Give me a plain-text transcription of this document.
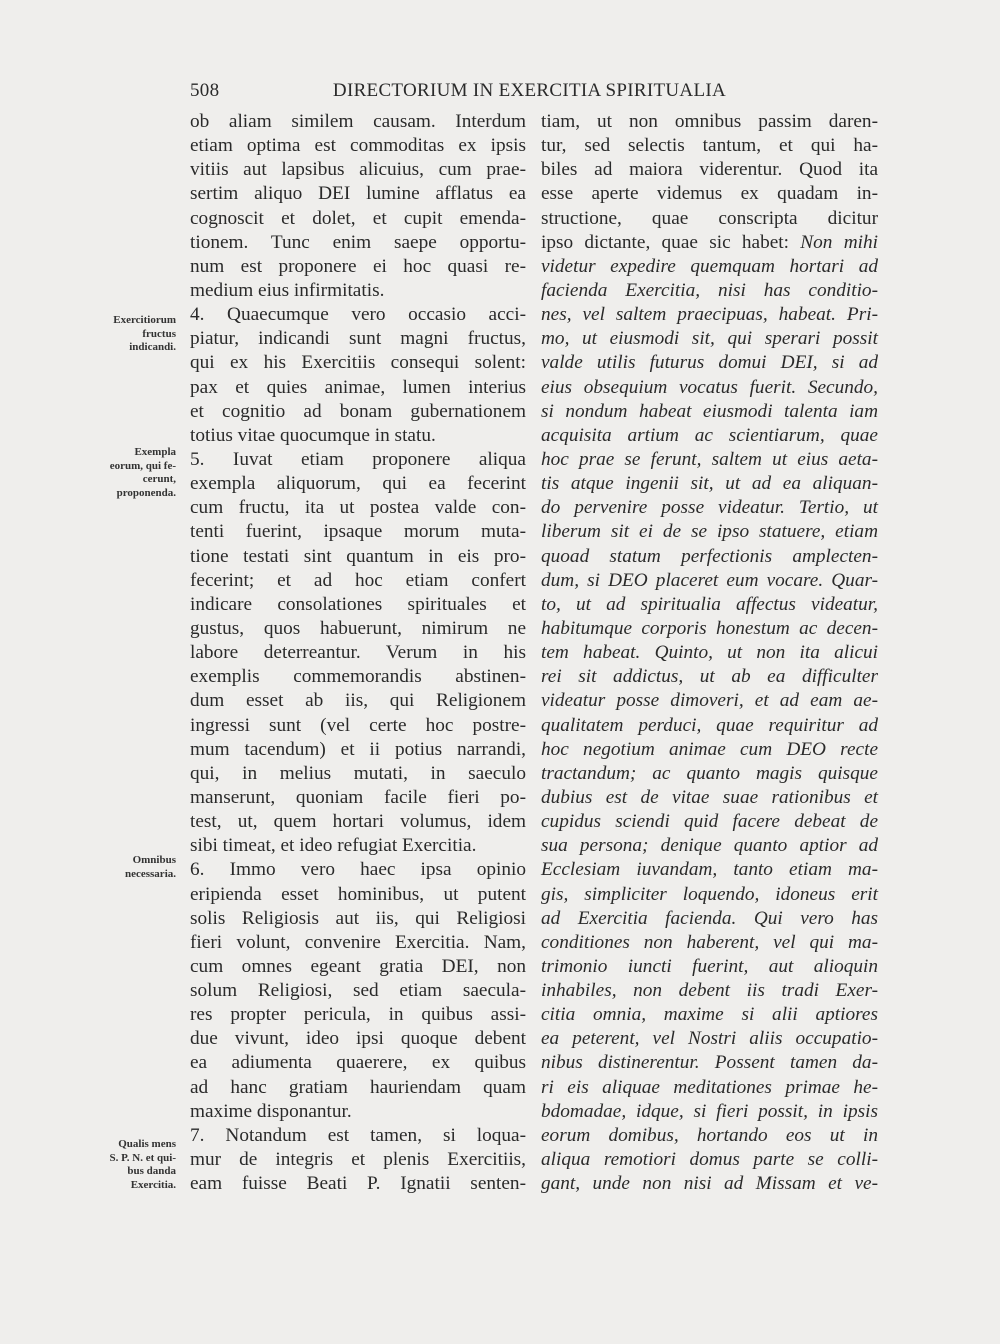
508	DIRECTORIUM IN EXERCITIA SPIRITUALIA
Exercitiorum
fructus
indicandi.
Exempla
eorum, qui fe-
cerunt,
proponenda.
Omnibus
necessaria.
Qualis mens
S. P. N. et qui-
bus danda
Exercitia.
ob aliam similem causam. Interdum
etiam optima est commoditas ex ipsis
vitiis aut lapsibus alicuius, cum prae-
sertim aliquo DEI lumine afflatus ea
cognoscit et dolet, et cupit emenda-
tionem. Tunc enim saepe opportu-
num est proponere ei hoc quasi re-
medium eius infirmitatis.
4. Quaecumque vero occasio acci-
piatur, indicandi sunt magni fructus,
qui ex his Exercitiis consequi solent:
pax et quies animae, lumen interius
et cognitio ad bonam gubernationem
totius vitae quocumque in statu.
5. Iuvat etiam proponere aliqua
exempla aliquorum, qui ea fecerint
cum fructu, ita ut postea valde con-
tenti fuerint, ipsaque morum muta-
tione testati sint quantum in eis pro-
fecerint; et ad hoc etiam confert
indicare consolationes spirituales et
gustus, quos habuerunt, nimirum ne
labore deterreantur. Verum in his
exemplis commemorandis abstinen-
dum esset ab iis, qui Religionem
ingressi sunt (vel certe hoc postre-
mum tacendum) et ii potius narrandi,
qui, in melius mutati, in saeculo
manserunt, quoniam facile fieri po-
test, ut, quem hortari volumus, idem
sibi timeat, et ideo refugiat Exercitia.
6. Immo vero haec ipsa opinio
eripienda esset hominibus, ut putent
solis Religiosis aut iis, qui Religiosi
fieri volunt, convenire Exercitia. Nam,
cum omnes egeant gratia DEI, non
solum Religiosi, sed etiam saecula-
res propter pericula, in quibus assi-
due vivunt, ideo ipsi quoque debent
ea adiumenta quaerere, ex quibus
ad hanc gratiam hauriendam quam
maxime disponantur.
7. Notandum est tamen, si loqua-
mur de integris et plenis Exercitiis,
eam fuisse Beati P. Ignatii senten-
tiam, ut non omnibus passim daren-
tur, sed selectis tantum, et qui ha-
biles ad maiora viderentur. Quod ita
esse aperte videmus ex quadam in-
structione, quae conscripta dicitur
ipso dictante, quae sic habet: Non mihi
videtur expedire quemquam hortari ad
facienda Exercitia, nisi has conditio-
nes, vel saltem praecipuas, habeat. Pri-
mo, ut eiusmodi sit, qui sperari possit
valde utilis futurus domui DEI, si ad
eius obsequium vocatus fuerit. Secundo,
si nondum habeat eiusmodi talenta iam
acquisita artium ac scientiarum, quae
hoc prae se ferunt, saltem ut eius aeta-
tis atque ingenii sit, ut ad ea aliquan-
do pervenire posse videatur. Tertio, ut
liberum sit ei de se ipso statuere, etiam
quoad statum perfectionis amplecten-
dum, si DEO placeret eum vocare. Quar-
to, ut ad spiritualia affectus videatur,
habitumque corporis honestum ac decen-
tem habeat. Quinto, ut non ita alicui
rei sit addictus, ut ab ea difficulter
videatur posse dimoveri, et ad eam ae-
qualitatem perduci, quae requiritur ad
hoc negotium animae cum DEO recte
tractandum; ac quanto magis quisque
dubius est de vitae suae rationibus et
cupidus sciendi quid facere debeat de
sua persona; denique quanto aptior ad
Ecclesiam iuvandam, tanto etiam ma-
gis, simpliciter loquendo, idoneus erit
ad Exercitia facienda. Qui vero has
conditiones non haberent, vel qui ma-
trimonio iuncti fuerint, aut alioquin
inhabiles, non debent iis tradi Exer-
citia omnia, maxime si alii aptiores
ea peterent, vel Nostri aliis occupatio-
nibus distinerentur. Possent tamen da-
ri eis aliquae meditationes primae he-
bdomadae, idque, si fieri possit, in ipsis
eorum domibus, hortando eos ut in
aliqua remotiori domus parte se colli-
gant, unde non nisi ad Missam et ve-
